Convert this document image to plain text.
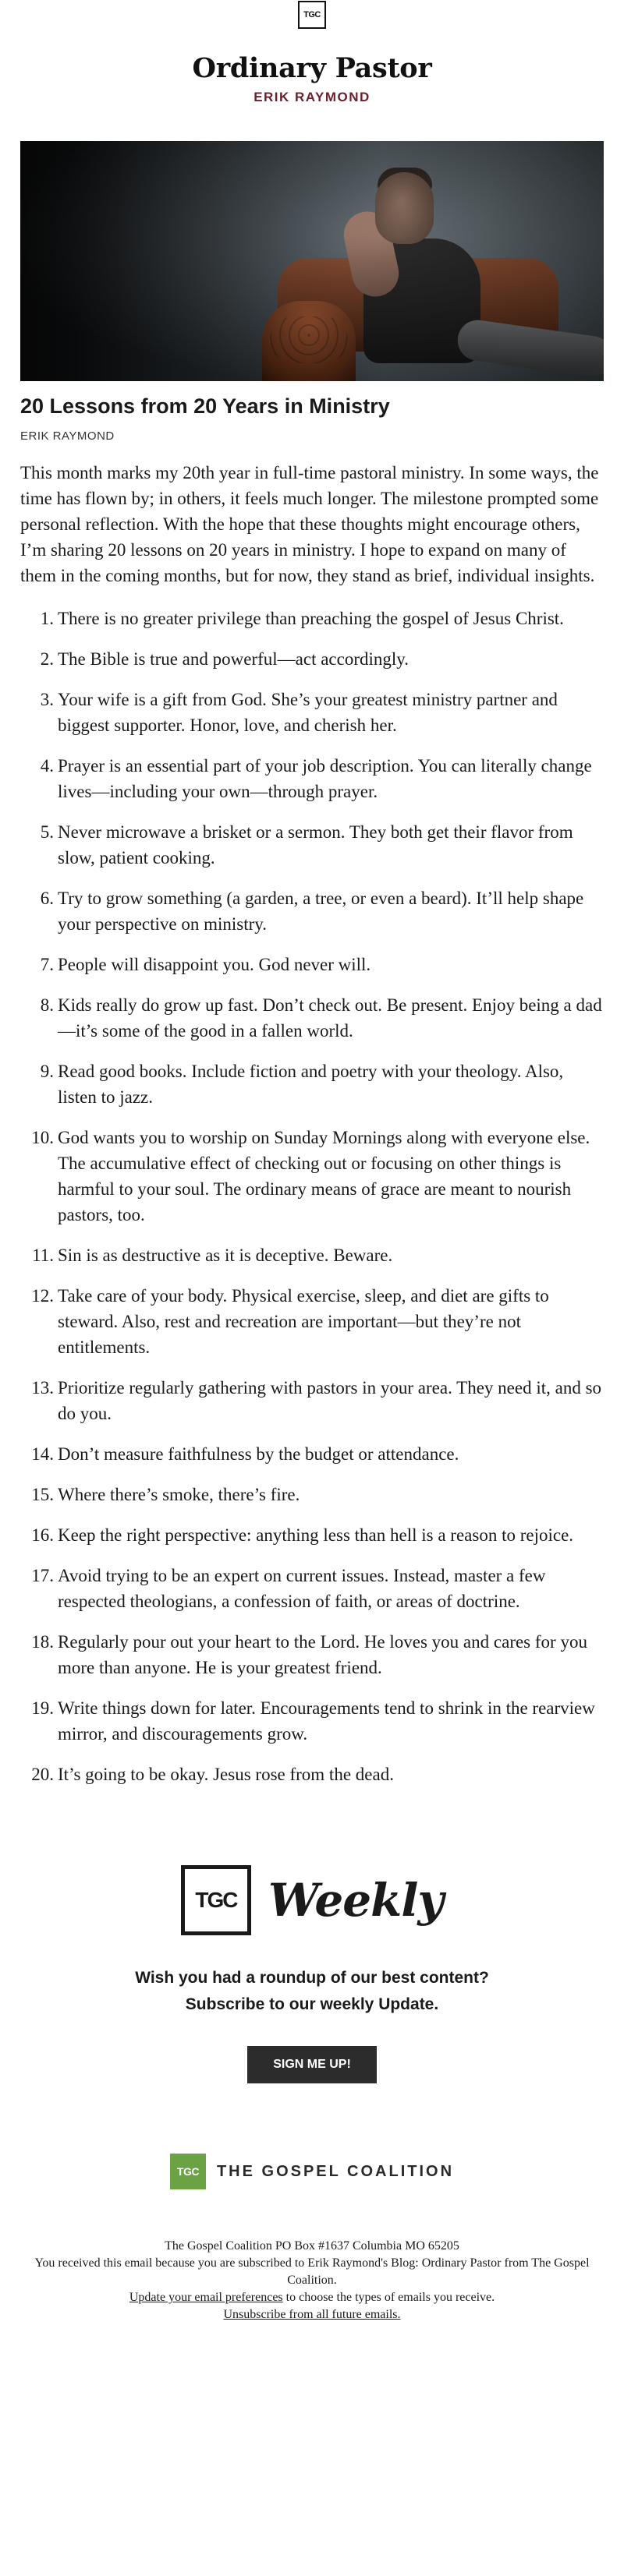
TGC
Ordinary Pastor
ERIK RAYMOND
20 Lessons from 20 Years in Ministry
ERIK RAYMOND

This month marks my 20th year in full-time pastoral ministry. In some ways, the time has flown by; in others, it feels much longer. The milestone prompted some personal reflection. With the hope that these thoughts might encourage others, I’m sharing 20 lessons on 20 years in ministry. I hope to expand on many of them in the coming months, but for now, they stand as brief, individual insights.

1. There is no greater privilege than preaching the gospel of Jesus Christ.
2. The Bible is true and powerful—act accordingly.
3. Your wife is a gift from God. She’s your greatest ministry partner and biggest supporter. Honor, love, and cherish her.
4. Prayer is an essential part of your job description. You can literally change lives—including your own—through prayer.
5. Never microwave a brisket or a sermon. They both get their flavor from slow, patient cooking.
6. Try to grow something (a garden, a tree, or even a beard). It’ll help shape your perspective on ministry.
7. People will disappoint you. God never will.
8. Kids really do grow up fast. Don’t check out. Be present. Enjoy being a dad—it’s some of the good in a fallen world.
9. Read good books. Include fiction and poetry with your theology. Also, listen to jazz.
10. God wants you to worship on Sunday Mornings along with everyone else. The accumulative effect of checking out or focusing on other things is harmful to your soul. The ordinary means of grace are meant to nourish pastors, too.
11. Sin is as destructive as it is deceptive. Beware.
12. Take care of your body. Physical exercise, sleep, and diet are gifts to steward. Also, rest and recreation are important—but they’re not entitlements.
13. Prioritize regularly gathering with pastors in your area. They need it, and so do you.
14. Don’t measure faithfulness by the budget or attendance.
15. Where there’s smoke, there’s fire.
16. Keep the right perspective: anything less than hell is a reason to rejoice.
17. Avoid trying to be an expert on current issues. Instead, master a few respected theologians, a confession of faith, or areas of doctrine.
18. Regularly pour out your heart to the Lord. He loves you and cares for you more than anyone. He is your greatest friend.
19. Write things down for later. Encouragements tend to shrink in the rearview mirror, and discouragements grow.
20. It’s going to be okay. Jesus rose from the dead.
TGC Weekly
Wish you had a roundup of our best content?
Subscribe to our weekly Update.
SIGN ME UP!
TGC	THE GOSPEL COALITION
The Gospel Coalition PO Box #1637 Columbia MO 65205
You received this email because you are subscribed to Erik Raymond's Blog: Ordinary Pastor from The Gospel Coalition.
Update your email preferences to choose the types of emails you receive.
Unsubscribe from all future emails.
